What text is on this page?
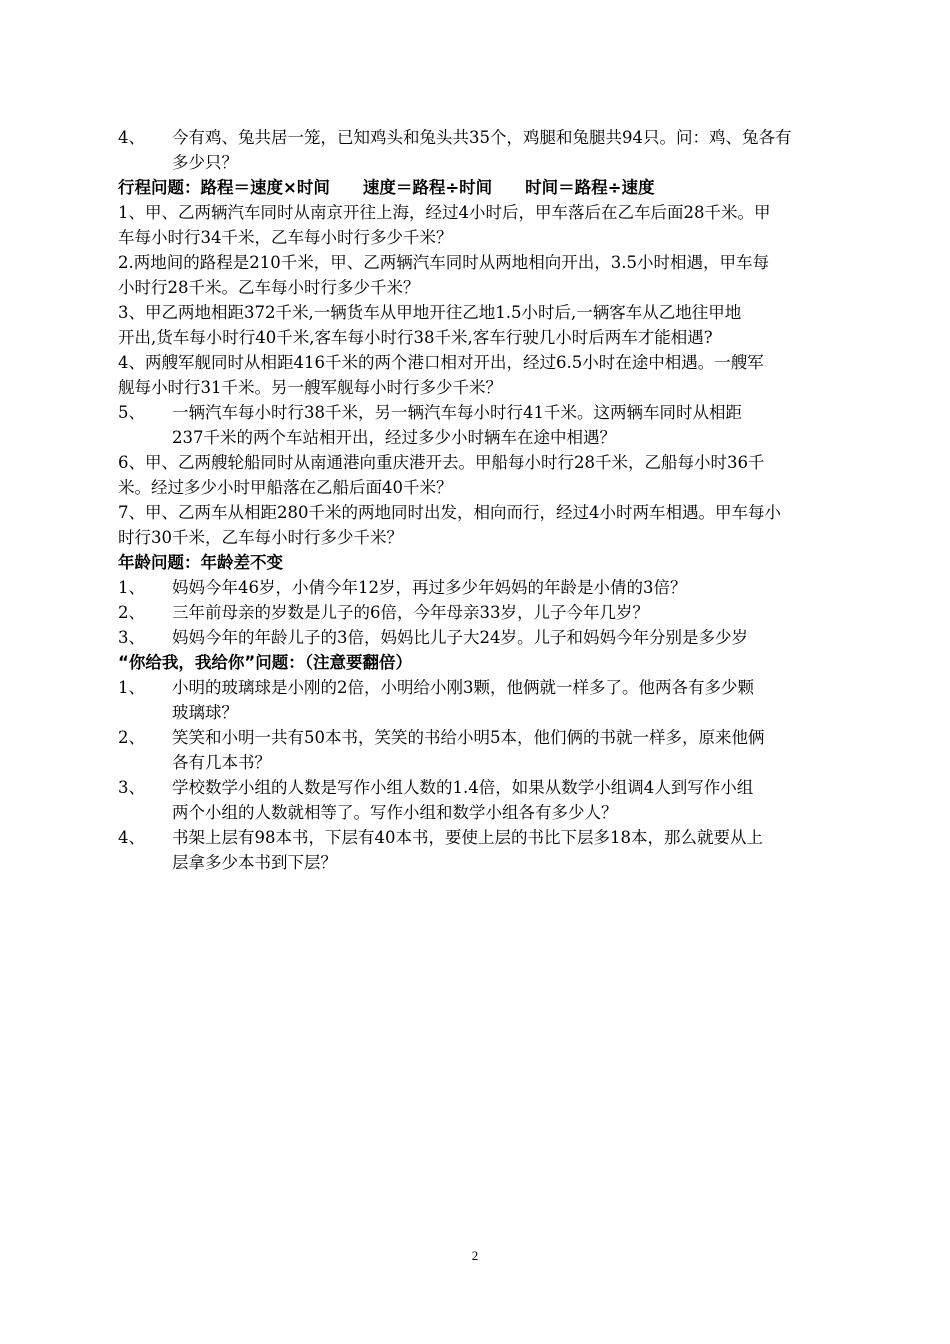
4、 今有鸡、兔共居一笼，已知鸡头和兔头共35个，鸡腿和兔腿共94只。问：鸡、兔各有
多少只？
行程问题：路程＝速度×时间　　速度＝路程÷时间　　时间＝路程÷速度
1、甲、乙两辆汽车同时从南京开往上海，经过4小时后，甲车落后在乙车后面28千米。甲
车每小时行34千米，乙车每小时行多少千米？
2.两地间的路程是210千米，甲、乙两辆汽车同时从两地相向开出，3.5小时相遇，甲车每
小时行28千米。乙车每小时行多少千米？
3、甲乙两地相距372千米,一辆货车从甲地开往乙地1.5小时后,一辆客车从乙地往甲地
开出,货车每小时行40千米,客车每小时行38千米,客车行驶几小时后两车才能相遇?
4、两艘军舰同时从相距416千米的两个港口相对开出，经过6.5小时在途中相遇。一艘军
舰每小时行31千米。另一艘军舰每小时行多少千米？
5、 一辆汽车每小时行38千米，另一辆汽车每小时行41千米。这两辆车同时从相距
237千米的两个车站相开出，经过多少小时辆车在途中相遇？
6、甲、乙两艘轮船同时从南通港向重庆港开去。甲船每小时行28千米，乙船每小时36千
米。经过多少小时甲船落在乙船后面40千米？
7、甲、乙两车从相距280千米的两地同时出发，相向而行，经过4小时两车相遇。甲车每小
时行30千米，乙车每小时行多少千米？
年龄问题：年龄差不变
1、 妈妈今年46岁，小倩今年12岁，再过多少年妈妈的年龄是小倩的3倍？
2、 三年前母亲的岁数是儿子的6倍，今年母亲33岁，儿子今年几岁？
3、 妈妈今年的年龄儿子的3倍，妈妈比儿子大24岁。儿子和妈妈今年分别是多少岁
“你给我，我给你”问题：（注意要翻倍）
1、 小明的玻璃球是小刚的2倍，小明给小刚3颗，他俩就一样多了。他两各有多少颗
玻璃球？
2、 笑笑和小明一共有50本书，笑笑的书给小明5本，他们俩的书就一样多，原来他俩
各有几本书？
3、 学校数学小组的人数是写作小组人数的1.4倍，如果从数学小组调4人到写作小组
两个小组的人数就相等了。写作小组和数学小组各有多少人？
4、 书架上层有98本书，下层有40本书，要使上层的书比下层多18本，那么就要从上
层拿多少本书到下层？
2
